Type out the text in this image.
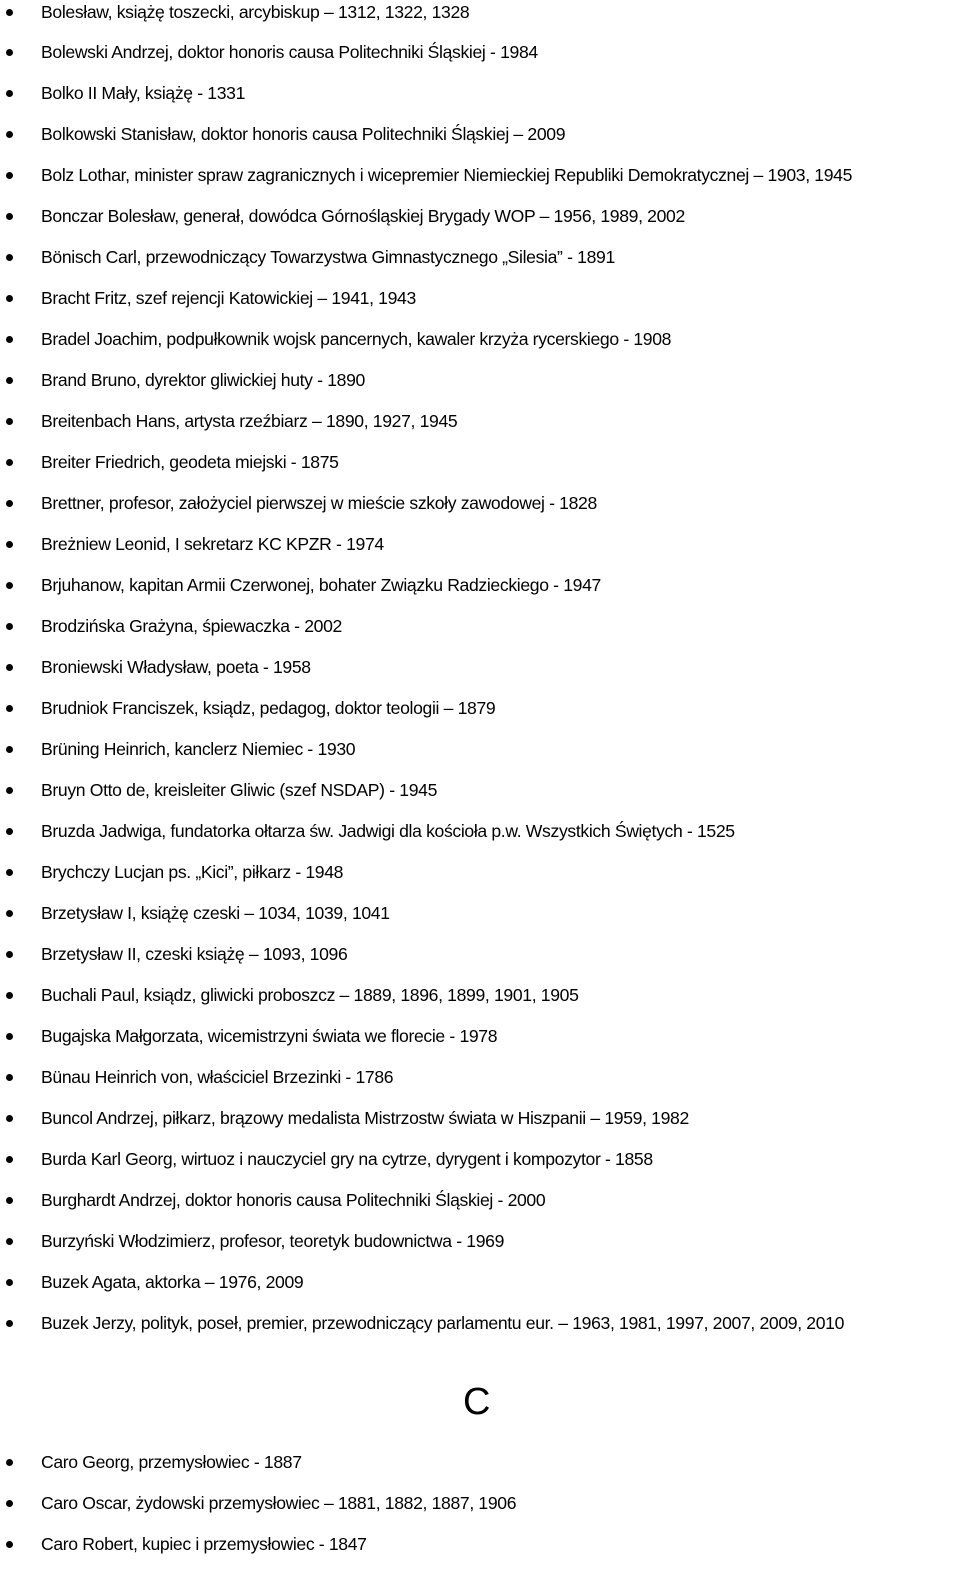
Bolesław, książę toszecki, arcybiskup – 1312, 1322, 1328
Bolewski Andrzej, doktor honoris causa Politechniki Śląskiej - 1984
Bolko II Mały, książę - 1331
Bolkowski Stanisław, doktor honoris causa Politechniki Śląskiej – 2009
Bolz Lothar, minister spraw zagranicznych i wicepremier Niemieckiej Republiki Demokratycznej – 1903, 1945
Bonczar Bolesław, generał, dowódca Górnośląskiej Brygady WOP – 1956, 1989, 2002
Bönisch Carl, przewodniczący Towarzystwa Gimnastycznego „Silesia” - 1891
Bracht Fritz, szef rejencji Katowickiej – 1941, 1943
Bradel Joachim, podpułkownik wojsk pancernych, kawaler krzyża rycerskiego - 1908
Brand Bruno, dyrektor gliwickiej huty - 1890
Breitenbach Hans, artysta rzeźbiarz – 1890, 1927, 1945
Breiter Friedrich, geodeta miejski - 1875
Brettner, profesor, założyciel pierwszej w mieście szkoły zawodowej - 1828
Breżniew Leonid, I sekretarz KC KPZR - 1974
Brjuhanow, kapitan Armii Czerwonej, bohater Związku Radzieckiego - 1947
Brodzińska Grażyna, śpiewaczka - 2002
Broniewski Władysław, poeta - 1958
Brudniok Franciszek, ksiądz, pedagog, doktor teologii – 1879
Brüning Heinrich, kanclerz Niemiec - 1930
Bruyn Otto de, kreisleiter Gliwic (szef NSDAP) - 1945
Bruzda Jadwiga, fundatorka ołtarza św. Jadwigi dla kościoła p.w. Wszystkich Świętych - 1525
Brychczy Lucjan ps. „Kici”, piłkarz - 1948
Brzetysław I, książę czeski – 1034, 1039, 1041
Brzetysław II, czeski książę – 1093, 1096
Buchali Paul, ksiądz, gliwicki proboszcz – 1889, 1896, 1899, 1901, 1905
Bugajska Małgorzata, wicemistrzyni świata we florecie - 1978
Bünau Heinrich von, właściciel Brzezinki - 1786
Buncol Andrzej, piłkarz, brązowy medalista Mistrzostw świata w Hiszpanii – 1959, 1982
Burda Karl Georg, wirtuoz i nauczyciel gry na cytrze, dyrygent i kompozytor - 1858
Burghardt Andrzej, doktor honoris causa Politechniki Śląskiej - 2000
Burzyński Włodzimierz, profesor, teoretyk budownictwa - 1969
Buzek Agata, aktorka – 1976, 2009
Buzek Jerzy, polityk, poseł, premier, przewodniczący parlamentu eur. – 1963, 1981, 1997, 2007, 2009, 2010
C
Caro Georg, przemysłowiec - 1887
Caro Oscar, żydowski przemysłowiec – 1881, 1882, 1887, 1906
Caro Robert, kupiec i przemysłowiec - 1847
